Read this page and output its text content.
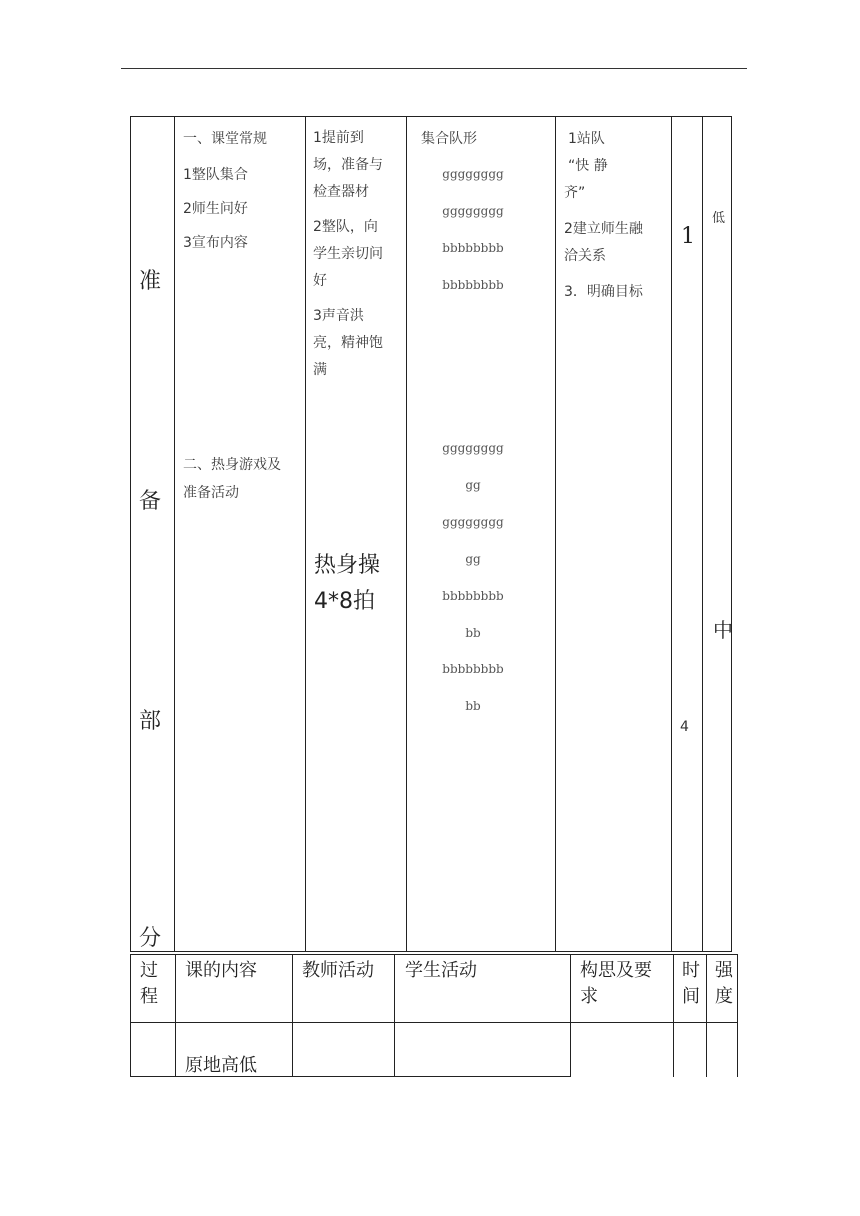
准
备
部
分
一、课堂常规
1整队集合
2师生问好
3宣布内容
二、热身游戏及
准备活动
1提前到
场，准备与
检查器材
2整队，向
学生亲切问
好
3声音洪
亮，精神饱
满
热身操
4*8拍
集合队形
gggggggg
gggggggg
bbbbbbbb
bbbbbbbb
gggggggg
gg
gggggggg
gg
bbbbbbbb
bb
bbbbbbbb
bb
1站队
“快 静
齐”
2建立师生融
洽关系
3．明确目标
1
4
低
中
过
程
课的内容	教师活动 学生活动	构思及要
求
时
间
强
度
原地高低
